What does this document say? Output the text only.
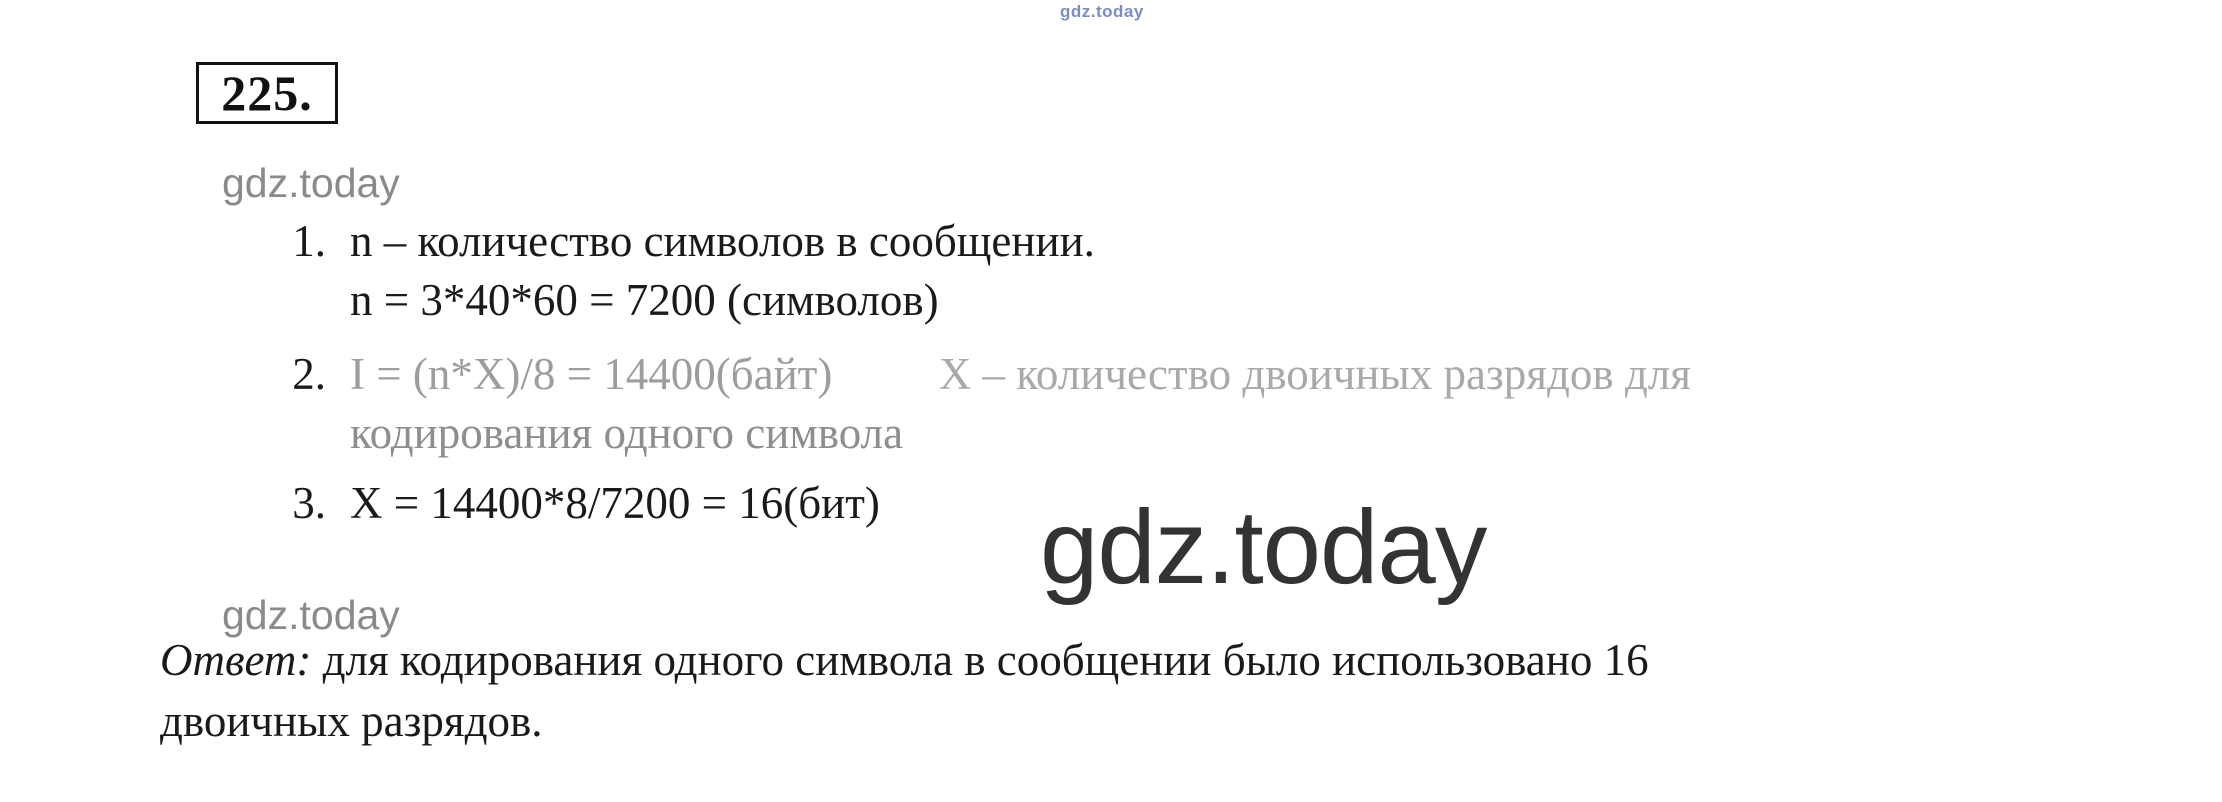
gdz.today
225.
gdz.today
1. n – количество символов в сообщении.
n = 3*40*60 = 7200 (символов)
2. I = (n*X)/8 = 14400(байт) X – количество двоичных разрядов для
кодирования одного символа
3. X = 14400*8/7200 = 16(бит)	gdz.today
gdz.today
Ответ: для кодирования одного символа в сообщении было использовано 16
двоичных разрядов.
